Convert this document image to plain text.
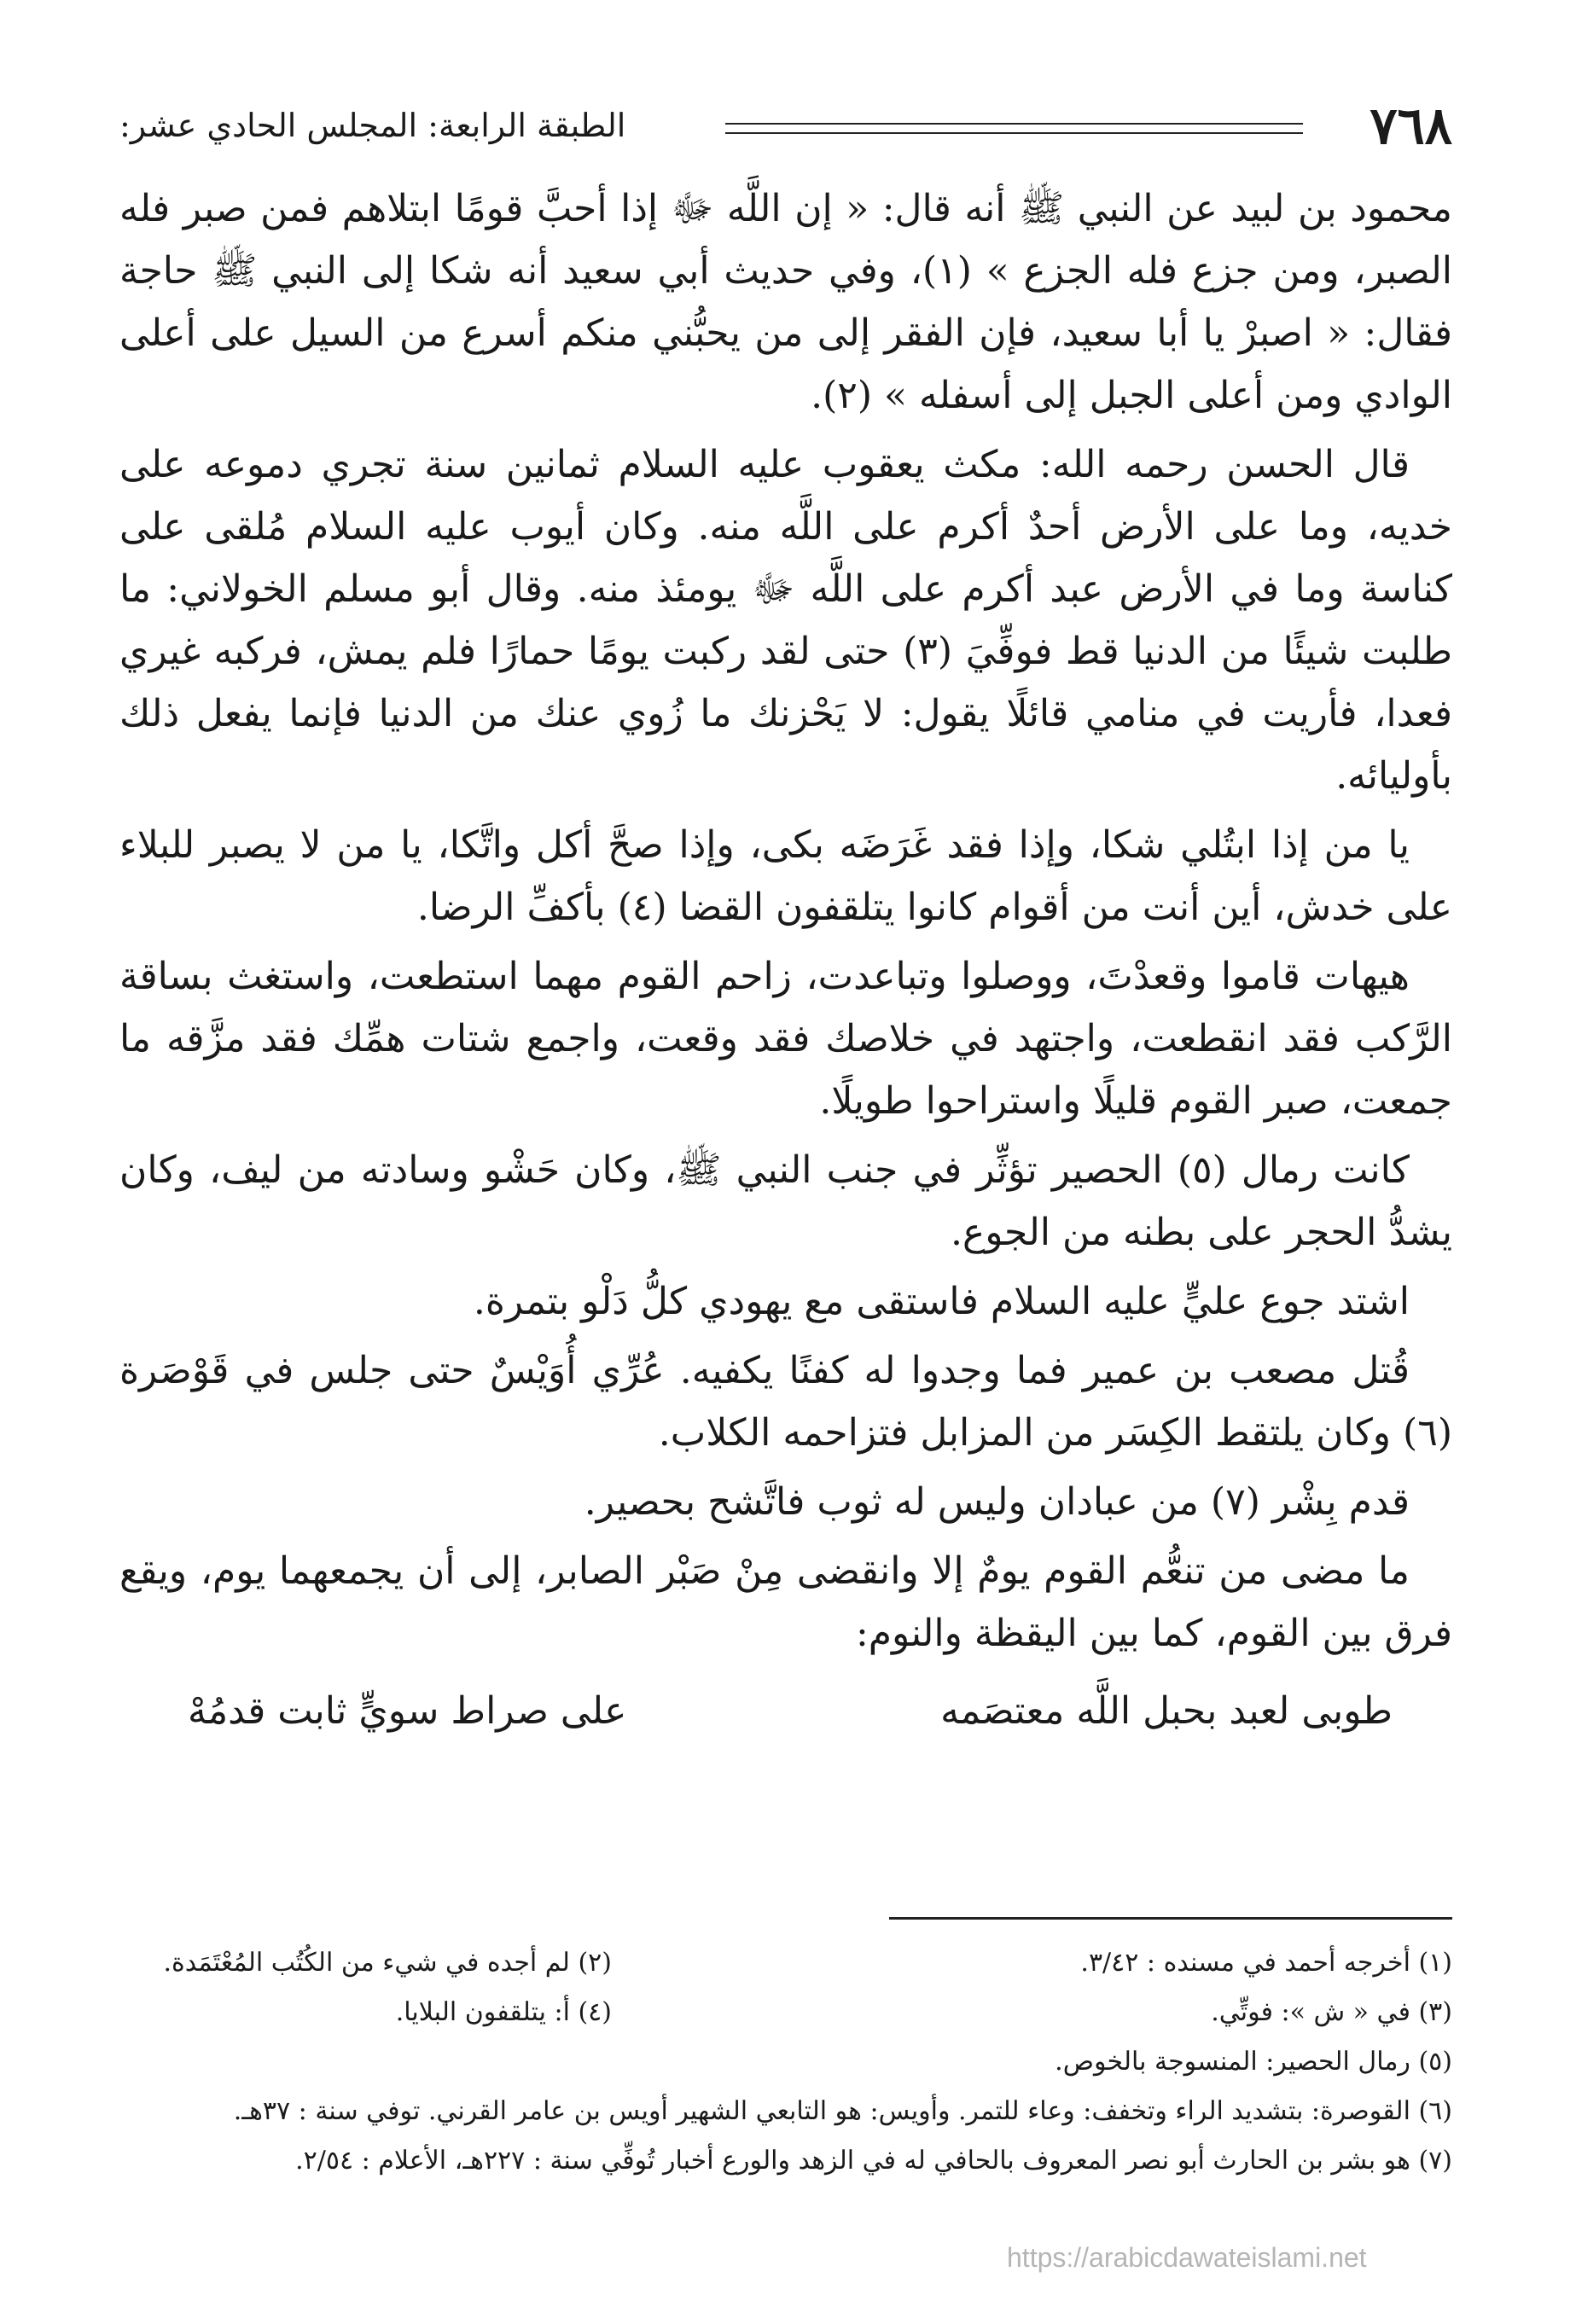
٧٦٨
الطبقة الرابعة: المجلس الحادي عشر:

محمود بن لبيد عن النبي ﷺ أنه قال: « إن اللَّه ﷻ إذا أحبَّ قومًا ابتلاهم فمن صبر فله الصبر، ومن جزع فله الجزع » (١)، وفي حديث أبي سعيد أنه شكا إلى النبي ﷺ حاجة فقال: « اصبرْ يا أبا سعيد، فإن الفقر إلى من يحبُّني منكم أسرع من السيل على أعلى الوادي ومن أعلى الجبل إلى أسفله » (٢).

قال الحسن رحمه الله: مكث يعقوب عليه السلام ثمانين سنة تجري دموعه على خديه، وما على الأرض أحدٌ أكرم على اللَّه منه. وكان أيوب عليه السلام مُلقى على كناسة وما في الأرض عبد أكرم على اللَّه ﷻ يومئذ منه. وقال أبو مسلم الخولاني: ما طلبت شيئًا من الدنيا قط فوفِّيَ (٣) حتى لقد ركبت يومًا حمارًا فلم يمش، فركبه غيري فعدا، فأريت في منامي قائلًا يقول: لا يَحْزنك ما زُوي عنك من الدنيا فإنما يفعل ذلك بأوليائه.

يا من إذا ابتُلي شكا، وإذا فقد غَرَضَه بكى، وإذا صحَّ أكل واتَّكا، يا من لا يصبر للبلاء على خدش، أين أنت من أقوام كانوا يتلقفون القضا (٤) بأكفِّ الرضا.

هيهات قاموا وقعدْتَ، ووصلوا وتباعدت، زاحم القوم مهما استطعت، واستغث بساقة الرَّكب فقد انقطعت، واجتهد في خلاصك فقد وقعت، واجمع شتات همِّك فقد مزَّقه ما جمعت، صبر القوم قليلًا واستراحوا طويلًا.

كانت رمال (٥) الحصير تؤثِّر في جنب النبي ﷺ، وكان حَشْو وسادته من ليف، وكان يشدُّ الحجر على بطنه من الجوع.

اشتد جوع عليٍّ عليه السلام فاستقى مع يهودي كلُّ دَلْو بتمرة.

قُتل مصعب بن عمير فما وجدوا له كفنًا يكفيه. عُرِّي أُوَيْسٌ حتى جلس في قَوْصَرة (٦) وكان يلتقط الكِسَر من المزابل فتزاحمه الكلاب.

قدم بِشْر (٧) من عبادان وليس له ثوب فاتَّشح بحصير.

ما مضى من تنعُّم القوم يومٌ إلا وانقضى مِنْ صَبْر الصابر، إلى أن يجمعهما يوم، ويقع فرق بين القوم، كما بين اليقظة والنوم:

طوبى لعبد بحبل اللَّه معتصَمه
على صراط سويٍّ ثابت قدمُهْ
(١) أخرجه أحمد في مسنده : ٣/٤٢.
(٢) لم أجده في شيء من الكُتُب المُعْتَمَدة.
(٣) في « ش »: فوتِّي.
(٤) أ: يتلقفون البلايا.
(٥) رمال الحصير: المنسوجة بالخوص.
(٦) القوصرة: بتشديد الراء وتخفف: وعاء للتمر. وأويس: هو التابعي الشهير أويس بن عامر القرني. توفي سنة : ٣٧هـ.
(٧) هو بشر بن الحارث أبو نصر المعروف بالحافي له في الزهد والورع أخبار تُوفِّي سنة : ٢٢٧هـ، الأعلام : ٢/٥٤.
https://arabicdawateislami.net
